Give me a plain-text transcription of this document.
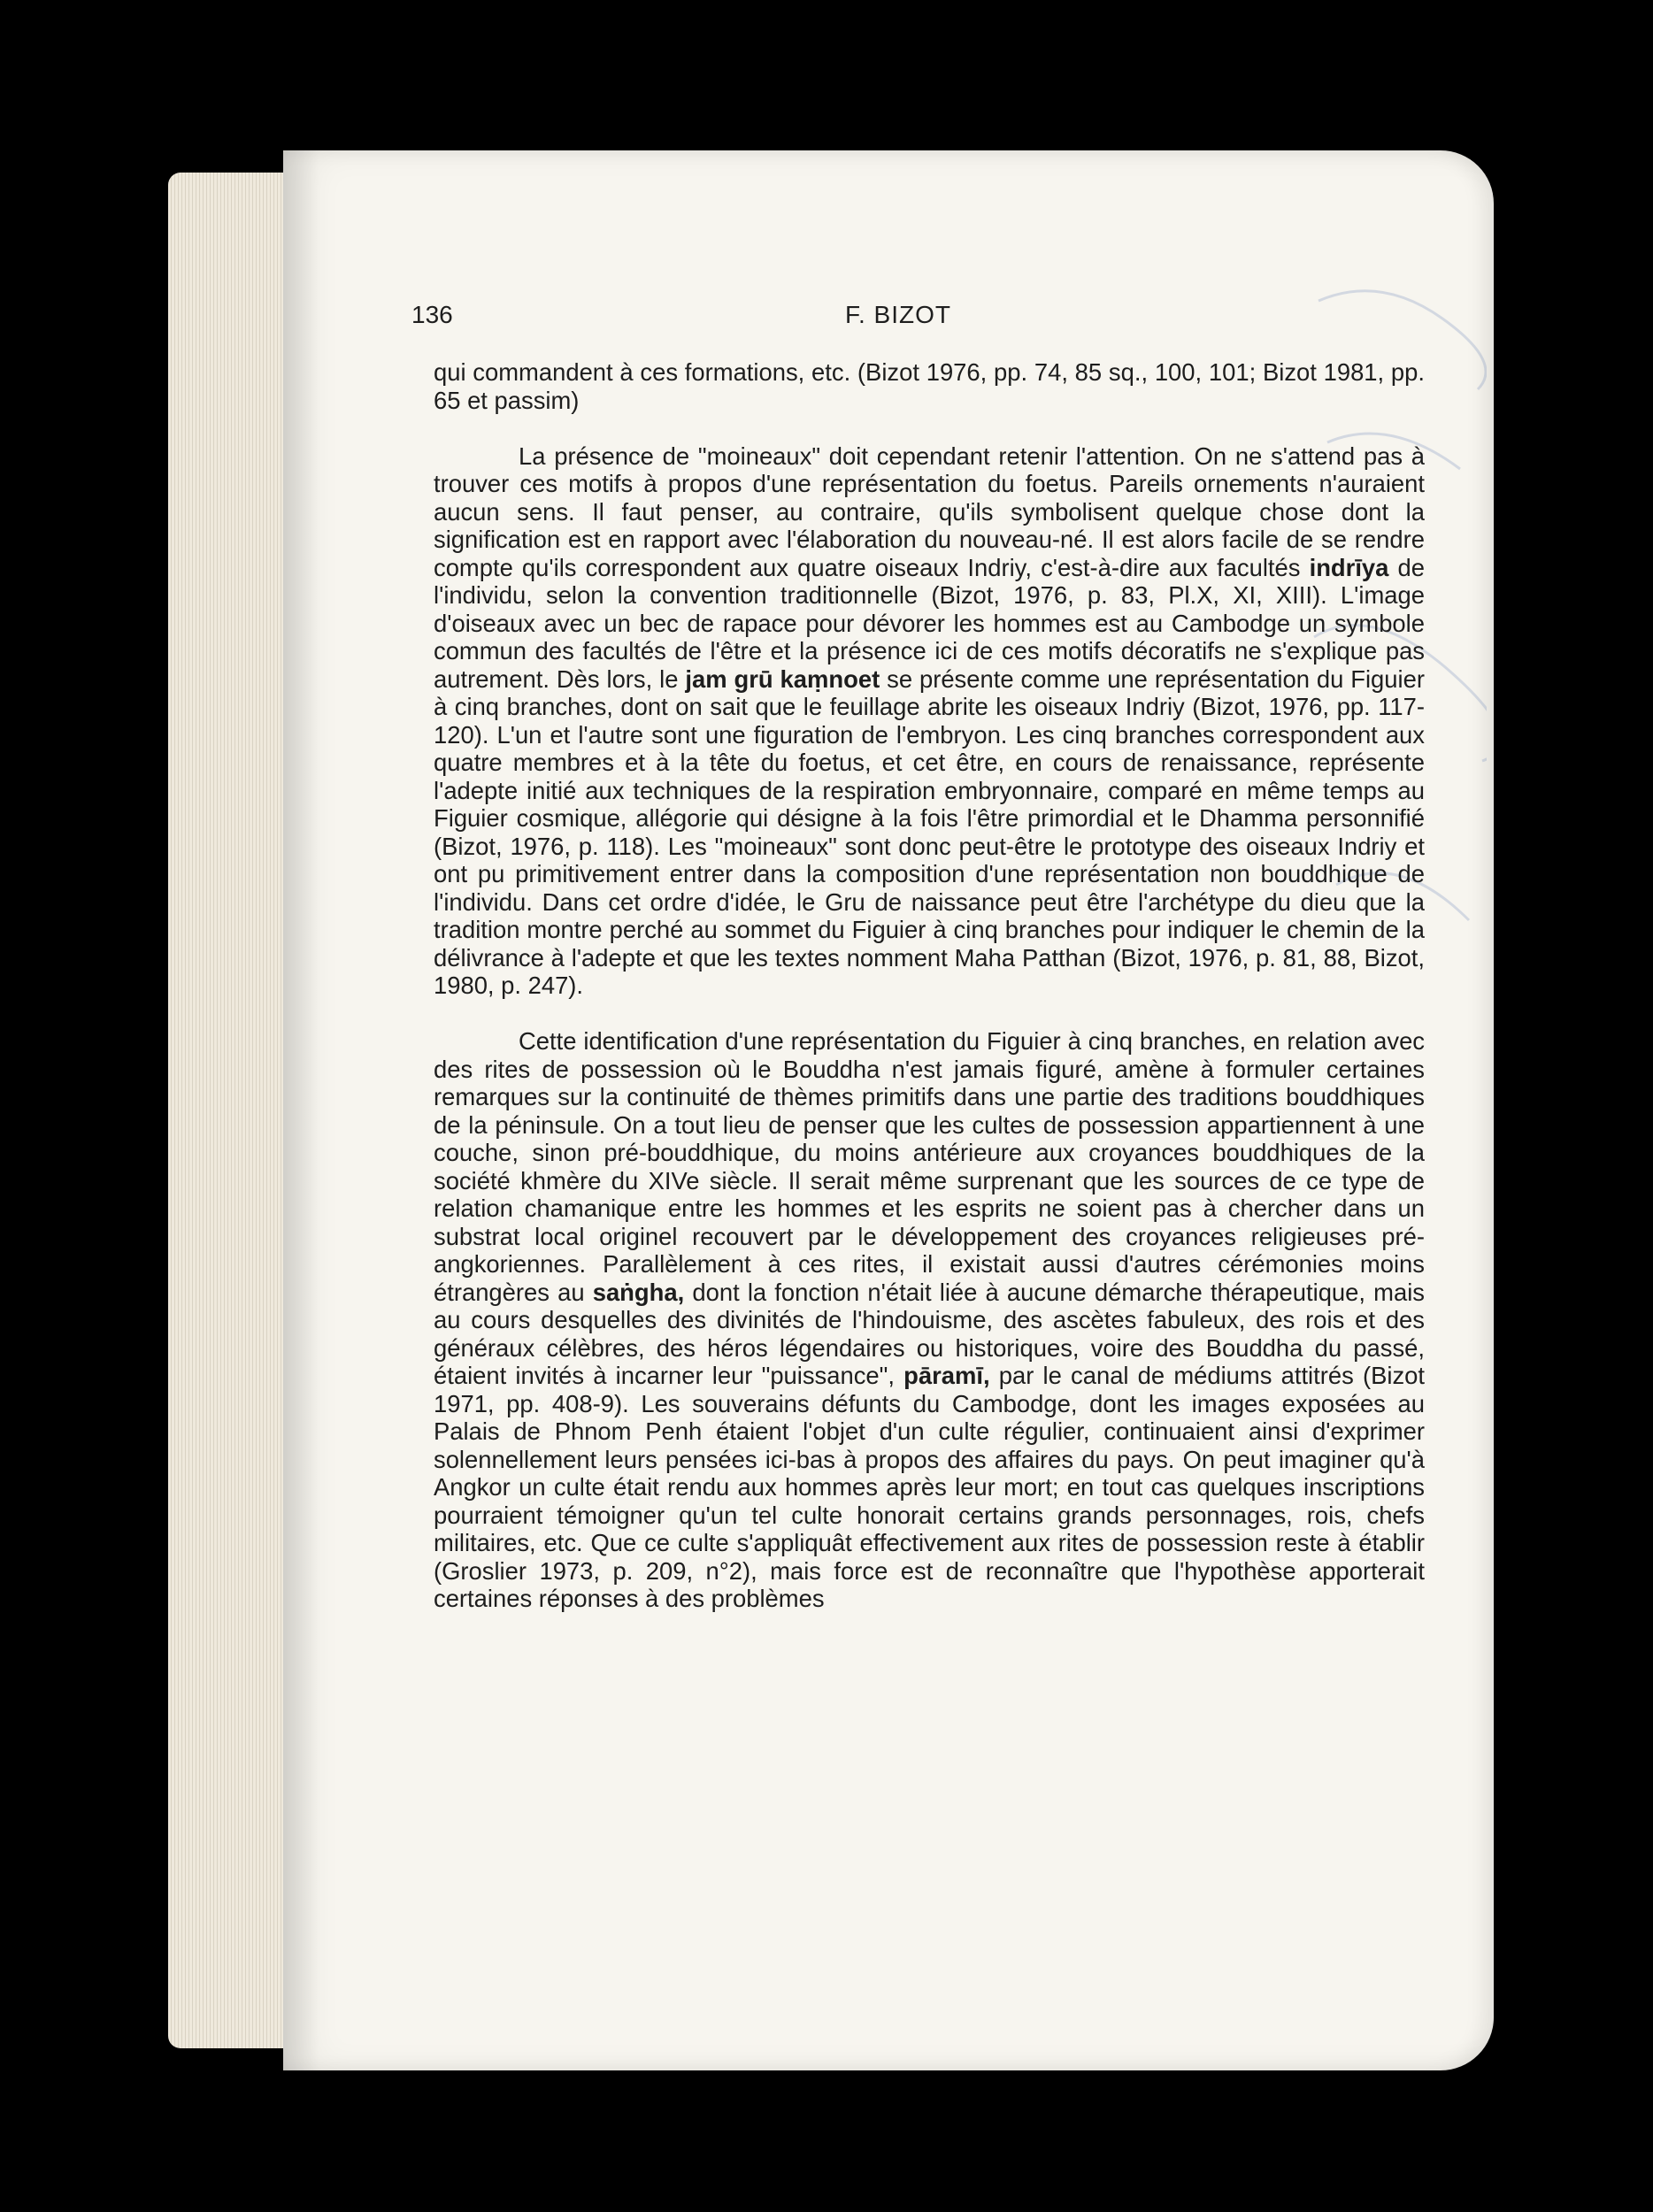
136	F. BIZOT

qui commandent à ces formations, etc. (Bizot 1976, pp. 74, 85 sq., 100, 101; Bizot 1981, pp. 65 et passim)

La présence de "moineaux" doit cependant retenir l'attention. On ne s'attend pas à trouver ces motifs à propos d'une représentation du foetus. Pareils ornements n'auraient aucun sens. Il faut penser, au contraire, qu'ils symbolisent quelque chose dont la signification est en rapport avec l'élaboration du nouveau-né. Il est alors facile de se rendre compte qu'ils correspondent aux quatre oiseaux Indriy, c'est-à-dire aux facultés indrīya de l'individu, selon la convention traditionnelle (Bizot, 1976, p. 83, Pl.X, XI, XIII). L'image d'oiseaux avec un bec de rapace pour dévorer les hommes est au Cambodge un symbole commun des facultés de l'être et la présence ici de ces motifs décoratifs ne s'explique pas autrement. Dès lors, le jam grū kaṃnoet se présente comme une représentation du Figuier à cinq branches, dont on sait que le feuillage abrite les oiseaux Indriy (Bizot, 1976, pp. 117-120). L'un et l'autre sont une figuration de l'embryon. Les cinq branches correspondent aux quatre membres et à la tête du foetus, et cet être, en cours de renaissance, représente l'adepte initié aux techniques de la respiration embryonnaire, comparé en même temps au Figuier cosmique, allégorie qui désigne à la fois l'être primordial et le Dhamma personnifié (Bizot, 1976, p. 118). Les "moineaux" sont donc peut-être le prototype des oiseaux Indriy et ont pu primitivement entrer dans la composition d'une représentation non bouddhique de l'individu. Dans cet ordre d'idée, le Gru de naissance peut être l'archétype du dieu que la tradition montre perché au sommet du Figuier à cinq branches pour indiquer le chemin de la délivrance à l'adepte et que les textes nomment Maha Patthan (Bizot, 1976, p. 81, 88, Bizot, 1980, p. 247).

Cette identification d'une représentation du Figuier à cinq branches, en relation avec des rites de possession où le Bouddha n'est jamais figuré, amène à formuler certaines remarques sur la continuité de thèmes primitifs dans une partie des traditions bouddhiques de la péninsule. On a tout lieu de penser que les cultes de possession appartiennent à une couche, sinon pré-bouddhique, du moins antérieure aux croyances bouddhiques de la société khmère du XIVe siècle. Il serait même surprenant que les sources de ce type de relation chamanique entre les hommes et les esprits ne soient pas à chercher dans un substrat local originel recouvert par le développement des croyances religieuses pré-angkoriennes. Parallèlement à ces rites, il existait aussi d'autres cérémonies moins étrangères au saṅgha, dont la fonction n'était liée à aucune démarche thérapeutique, mais au cours desquelles des divinités de l'hindouisme, des ascètes fabuleux, des rois et des généraux célèbres, des héros légendaires ou historiques, voire des Bouddha du passé, étaient invités à incarner leur "puissance", pāramī, par le canal de médiums attitrés (Bizot 1971, pp. 408-9). Les souverains défunts du Cambodge, dont les images exposées au Palais de Phnom Penh étaient l'objet d'un culte régulier, continuaient ainsi d'exprimer solennellement leurs pensées ici-bas à propos des affaires du pays. On peut imaginer qu'à Angkor un culte était rendu aux hommes après leur mort; en tout cas quelques inscriptions pourraient témoigner qu'un tel culte honorait certains grands personnages, rois, chefs militaires, etc. Que ce culte s'appliquât effectivement aux rites de possession reste à établir (Groslier 1973, p. 209, n°2), mais force est de reconnaître que l'hypothèse apporterait certaines réponses à des problèmes
